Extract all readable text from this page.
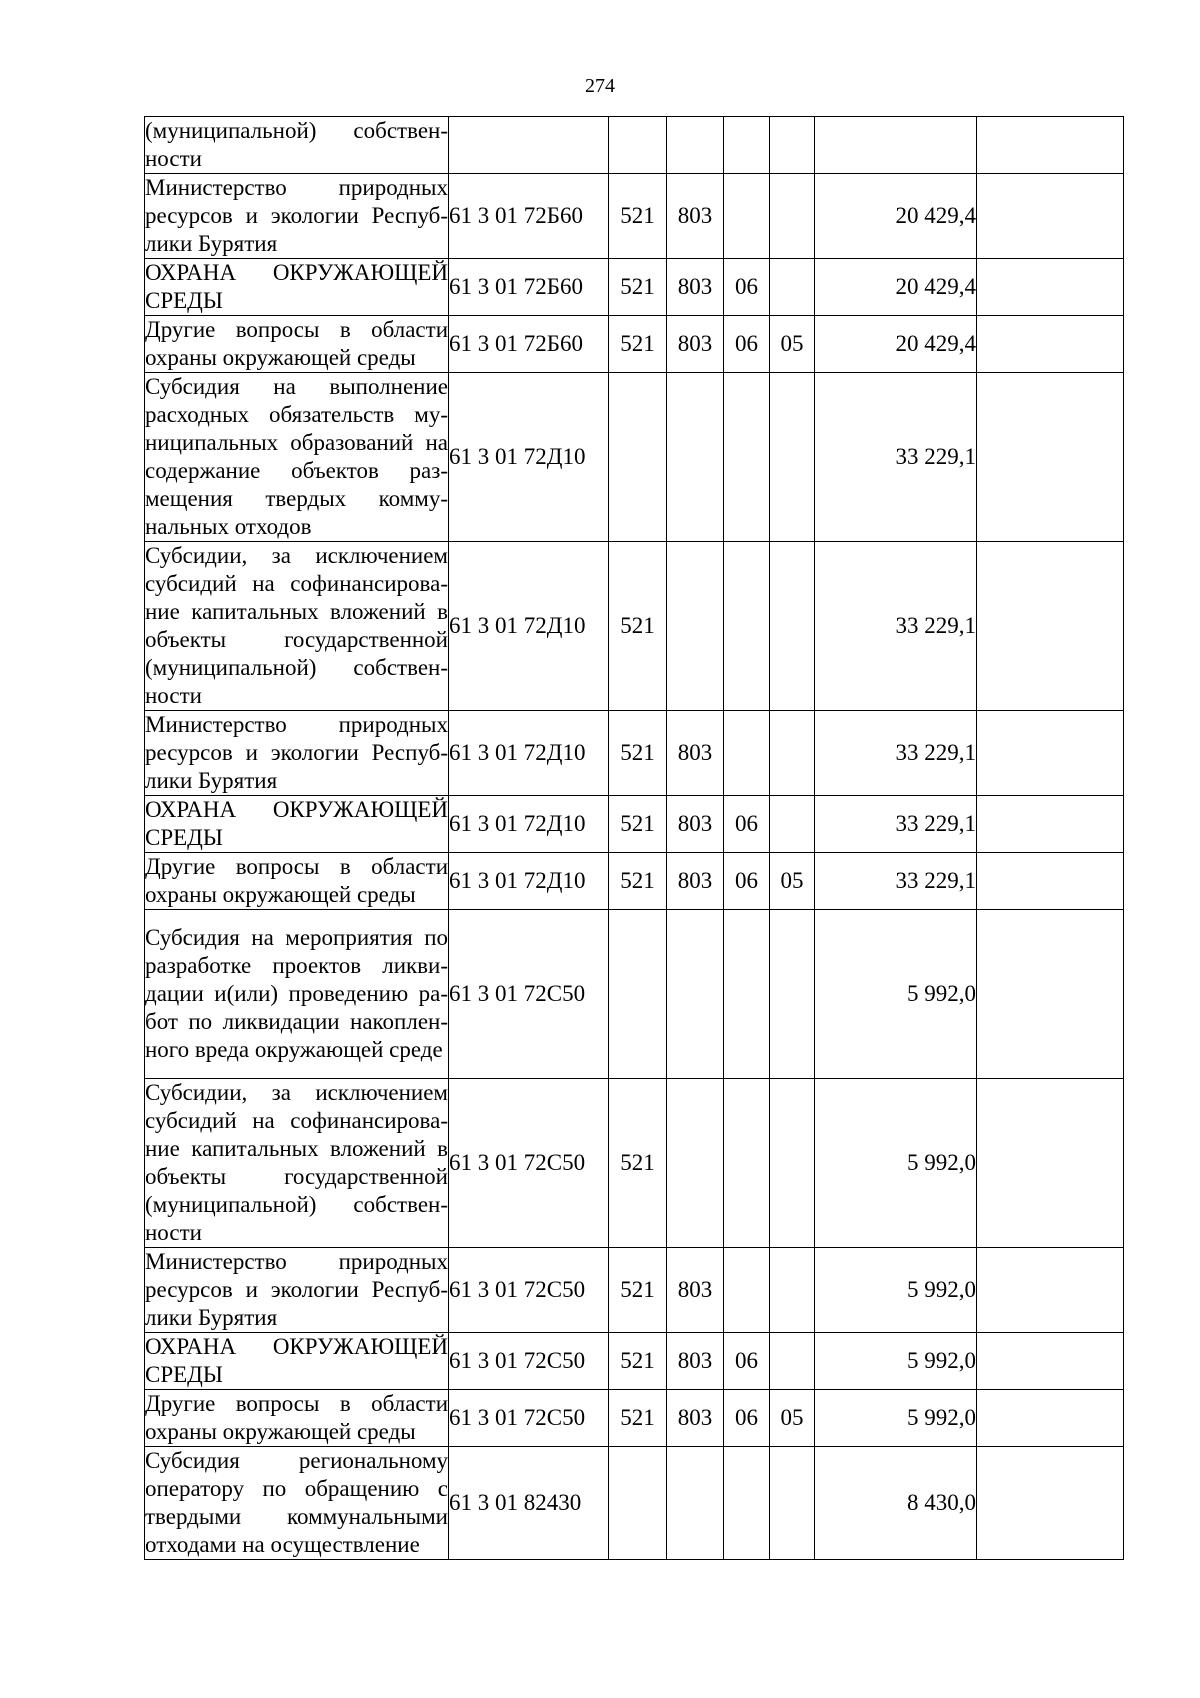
274
(муниципальной) собствен-ности							
Министерство природных ресурсов и экологии Респуб-лики Бурятия	61 3 01 72Б60	521	803			20 429,4	
ОХРАНА ОКРУЖАЮЩЕЙ СРЕДЫ	61 3 01 72Б60	521	803	06		20 429,4	
Другие вопросы в области охраны окружающей среды	61 3 01 72Б60	521	803	06	05	20 429,4	
Субсидия на выполнение расходных обязательств му-ниципальных образований на содержание объектов раз-мещения твердых комму-нальных отходов	61 3 01 72Д10					33 229,1	
Субсидии, за исключением субсидий на софинансирова-ние капитальных вложений в объекты государственной (муниципальной) собствен-ности	61 3 01 72Д10	521				33 229,1	
Министерство природных ресурсов и экологии Респуб-лики Бурятия	61 3 01 72Д10	521	803			33 229,1	
ОХРАНА ОКРУЖАЮЩЕЙ СРЕДЫ	61 3 01 72Д10	521	803	06		33 229,1	
Другие вопросы в области охраны окружающей среды	61 3 01 72Д10	521	803	06	05	33 229,1	
Субсидия на мероприятия по разработке проектов ликви-дации и(или) проведению ра-бот по ликвидации накоплен-ного вреда окружающей среде	61 3 01 72С50					5 992,0	
Субсидии, за исключением субсидий на софинансирова-ние капитальных вложений в объекты государственной (муниципальной) собствен-ности	61 3 01 72С50	521				5 992,0	
Министерство природных ресурсов и экологии Респуб-лики Бурятия	61 3 01 72С50	521	803			5 992,0	
ОХРАНА ОКРУЖАЮЩЕЙ СРЕДЫ	61 3 01 72С50	521	803	06		5 992,0	
Другие вопросы в области охраны окружающей среды	61 3 01 72С50	521	803	06	05	5 992,0	
Субсидия региональному оператору по обращению с твердыми коммунальными отходами на осуществление	61 3 01 82430					8 430,0	
